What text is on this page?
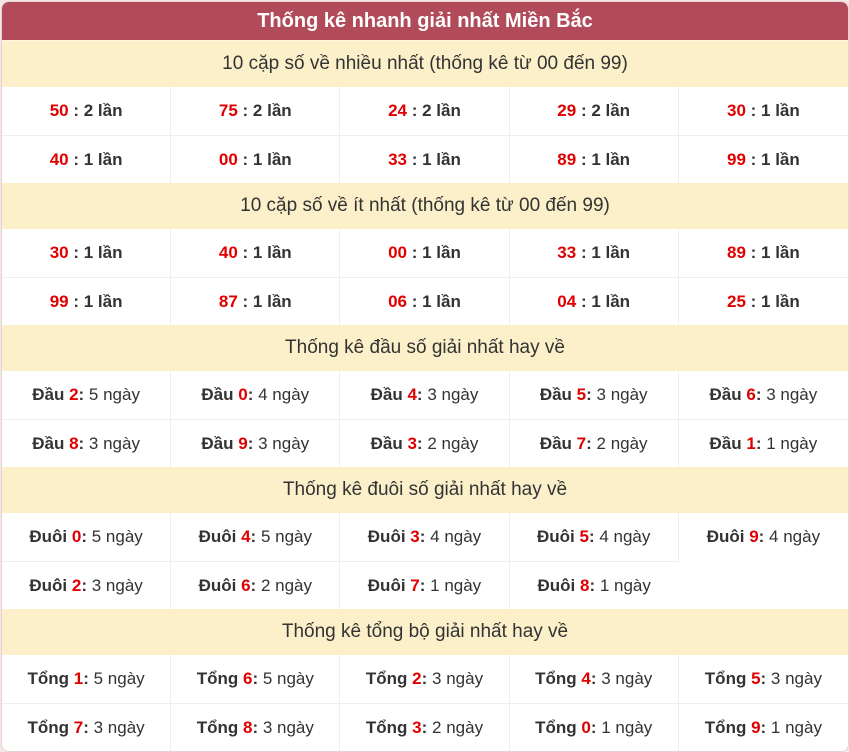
Thống kê nhanh giải nhất Miền Bắc
10 cặp số về nhiều nhất (thống kê từ 00 đến 99)
50 : 2 lần	75 : 2 lần	24 : 2 lần	29 : 2 lần	30 : 1 lần
40 : 1 lần	00 : 1 lần	33 : 1 lần	89 : 1 lần	99 : 1 lần
10 cặp số về ít nhất (thống kê từ 00 đến 99)
30 : 1 lần	40 : 1 lần	00 : 1 lần	33 : 1 lần	89 : 1 lần
99 : 1 lần	87 : 1 lần	06 : 1 lần	04 : 1 lần	25 : 1 lần
Thống kê đầu số giải nhất hay về
Đầu 2 : 5 ngày	Đầu 0 : 4 ngày	Đầu 4 : 3 ngày	Đầu 5 : 3 ngày	Đầu 6 : 3 ngày
Đầu 8 : 3 ngày	Đầu 9 : 3 ngày	Đầu 3 : 2 ngày	Đầu 7 : 2 ngày	Đầu 1 : 1 ngày
Thống kê đuôi số giải nhất hay về
Đuôi 0 : 5 ngày	Đuôi 4 : 5 ngày	Đuôi 3 : 4 ngày	Đuôi 5 : 4 ngày	Đuôi 9 : 4 ngày
Đuôi 2 : 3 ngày	Đuôi 6 : 2 ngày	Đuôi 7 : 1 ngày	Đuôi 8 : 1 ngày
Thống kê tổng bộ giải nhất hay về
Tổng 1 : 5 ngày	Tổng 6 : 5 ngày	Tổng 2 : 3 ngày	Tổng 4 : 3 ngày	Tổng 5 : 3 ngày
Tổng 7 : 3 ngày	Tổng 8 : 3 ngày	Tổng 3 : 2 ngày	Tổng 0 : 1 ngày	Tổng 9 : 1 ngày
